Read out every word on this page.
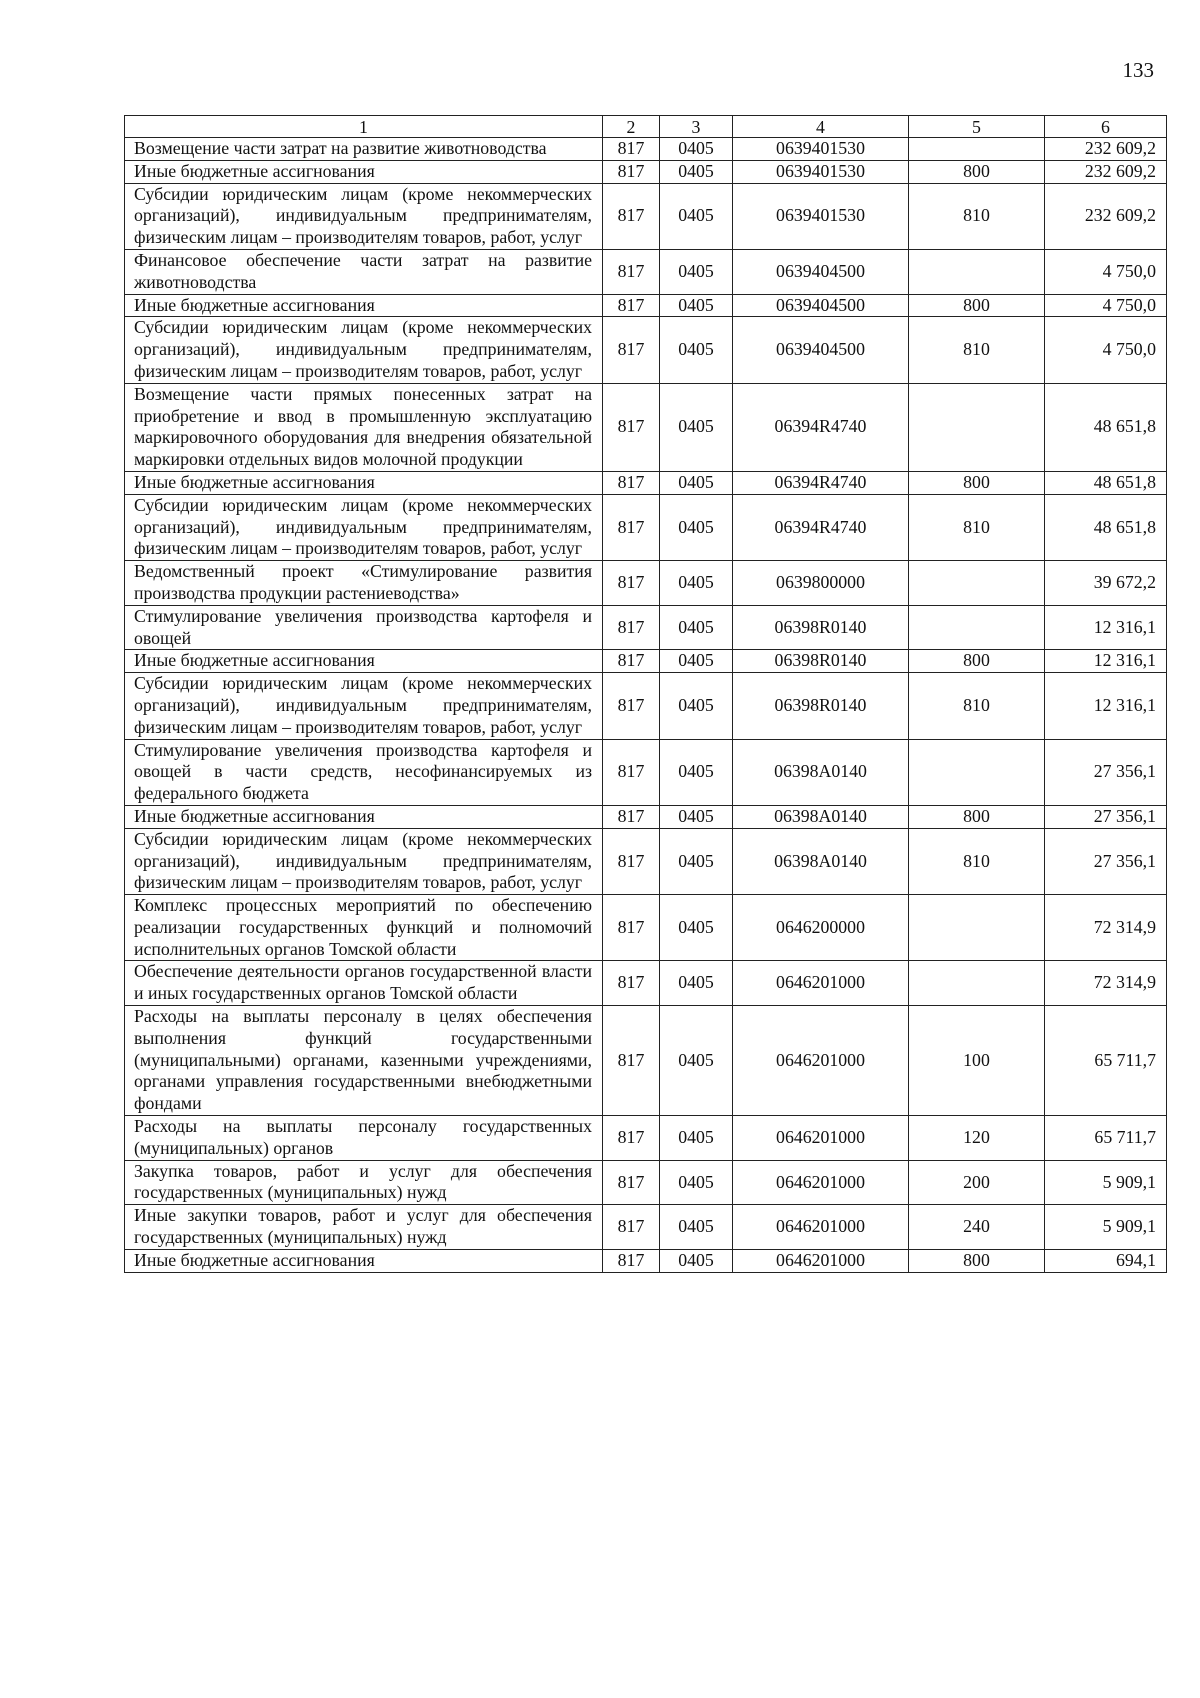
133
1	2	3	4	5	6
Возмещение части затрат на развитие животноводства	817	0405	0639401530		232 609,2
Иные бюджетные ассигнования	817	0405	0639401530	800	232 609,2
Субсидии юридическим лицам (кроме некоммерческих организаций), индивидуальным предпринимателям, физическим лицам – производителям товаров, работ, услуг	817	0405	0639401530	810	232 609,2
Финансовое обеспечение части затрат на развитие животноводства	817	0405	0639404500		4 750,0
Иные бюджетные ассигнования	817	0405	0639404500	800	4 750,0
Субсидии юридическим лицам (кроме некоммерческих организаций), индивидуальным предпринимателям, физическим лицам – производителям товаров, работ, услуг	817	0405	0639404500	810	4 750,0
Возмещение части прямых понесенных затрат на приобретение и ввод в промышленную эксплуатацию маркировочного оборудования для внедрения обязательной маркировки отдельных видов молочной продукции	817	0405	06394R4740		48 651,8
Иные бюджетные ассигнования	817	0405	06394R4740	800	48 651,8
Субсидии юридическим лицам (кроме некоммерческих организаций), индивидуальным предпринимателям, физическим лицам – производителям товаров, работ, услуг	817	0405	06394R4740	810	48 651,8
Ведомственный проект «Стимулирование развития производства продукции растениеводства»	817	0405	0639800000		39 672,2
Стимулирование увеличения производства картофеля и овощей	817	0405	06398R0140		12 316,1
Иные бюджетные ассигнования	817	0405	06398R0140	800	12 316,1
Субсидии юридическим лицам (кроме некоммерческих организаций), индивидуальным предпринимателям, физическим лицам – производителям товаров, работ, услуг	817	0405	06398R0140	810	12 316,1
Стимулирование увеличения производства картофеля и овощей в части средств, несофинансируемых из федерального бюджета	817	0405	06398A0140		27 356,1
Иные бюджетные ассигнования	817	0405	06398A0140	800	27 356,1
Субсидии юридическим лицам (кроме некоммерческих организаций), индивидуальным предпринимателям, физическим лицам – производителям товаров, работ, услуг	817	0405	06398A0140	810	27 356,1
Комплекс процессных мероприятий по обеспечению реализации государственных функций и полномочий исполнительных органов Томской области	817	0405	0646200000		72 314,9
Обеспечение деятельности органов государственной власти и иных государственных органов Томской области	817	0405	0646201000		72 314,9
Расходы на выплаты персоналу в целях обеспечения выполнения функций государственными (муниципальными) органами, казенными учреждениями, органами управления государственными внебюджетными фондами	817	0405	0646201000	100	65 711,7
Расходы на выплаты персоналу государственных (муниципальных) органов	817	0405	0646201000	120	65 711,7
Закупка товаров, работ и услуг для обеспечения государственных (муниципальных) нужд	817	0405	0646201000	200	5 909,1
Иные закупки товаров, работ и услуг для обеспечения государственных (муниципальных) нужд	817	0405	0646201000	240	5 909,1
Иные бюджетные ассигнования	817	0405	0646201000	800	694,1
